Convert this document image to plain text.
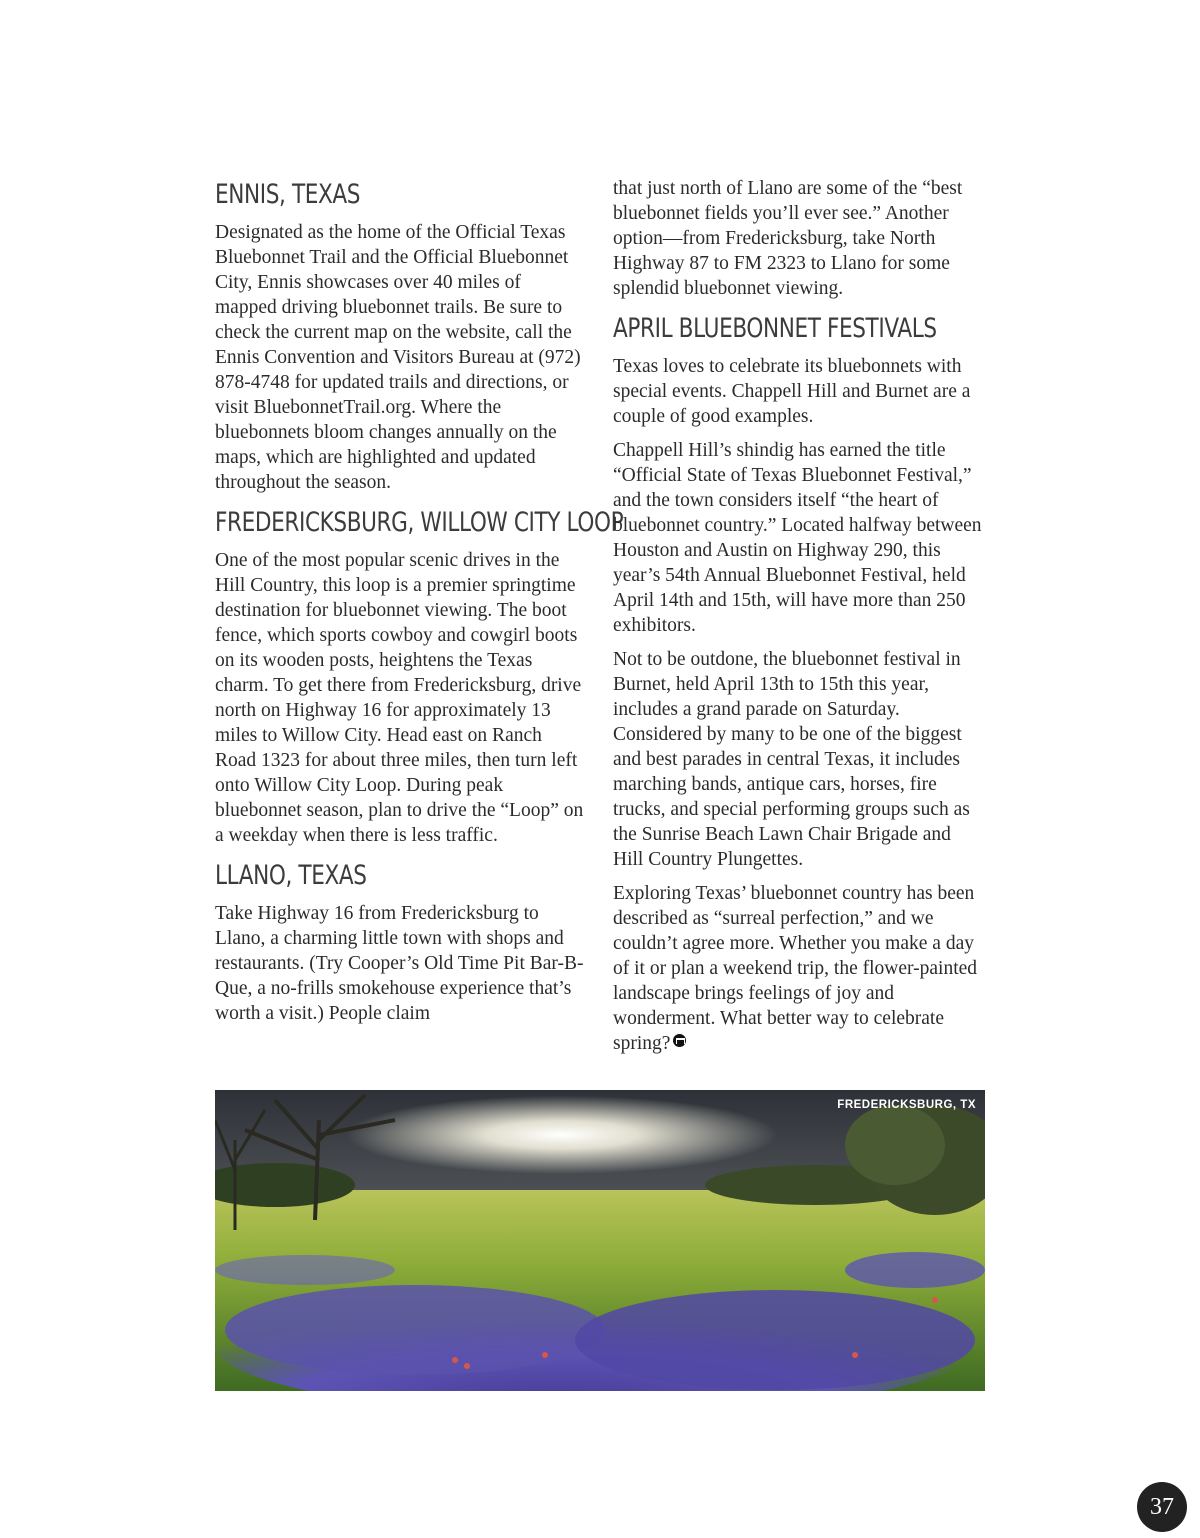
ENNIS, TEXAS

Designated as the home of the Official Texas Bluebonnet Trail and the Official Bluebonnet City, Ennis showcases over 40 miles of mapped driving bluebonnet trails. Be sure to check the current map on the website, call the Ennis Convention and Visitors Bureau at (972) 878-4748 for updated trails and directions, or visit BluebonnetTrail.org. Where the bluebonnets bloom changes annually on the maps, which are highlighted and updated throughout the season.

FREDERICKSBURG, WILLOW CITY LOOP

One of the most popular scenic drives in the Hill Country, this loop is a premier springtime destination for bluebonnet viewing. The boot fence, which sports cowboy and cowgirl boots on its wooden posts, heightens the Texas charm. To get there from Fredericksburg, drive north on Highway 16 for approximately 13 miles to Willow City. Head east on Ranch Road 1323 for about three miles, then turn left onto Willow City Loop. During peak bluebonnet season, plan to drive the “Loop” on a weekday when there is less traffic.

LLANO, TEXAS

Take Highway 16 from Fredericksburg to Llano, a charming little town with shops and restaurants. (Try Cooper’s Old Time Pit Bar-B-Que, a no-frills smokehouse experience that’s worth a visit.) People claim

that just north of Llano are some of the “best bluebonnet fields you’ll ever see.” Another option—from Fredericksburg, take North Highway 87 to FM 2323 to Llano for some splendid bluebonnet viewing.

APRIL BLUEBONNET FESTIVALS

Texas loves to celebrate its bluebonnets with special events. Chappell Hill and Burnet are a couple of good examples.

Chappell Hill’s shindig has earned the title “Official State of Texas Bluebonnet Festival,” and the town considers itself “the heart of bluebonnet country.” Located halfway between Houston and Austin on Highway 290, this year’s 54th Annual Bluebonnet Festival, held April 14th and 15th, will have more than 250 exhibitors.

Not to be outdone, the bluebonnet festival in Burnet, held April 13th to 15th this year, includes a grand parade on Saturday. Considered by many to be one of the biggest and best parades in central Texas, it includes marching bands, antique cars, horses, fire trucks, and special performing groups such as the Sunrise Beach Lawn Chair Brigade and Hill Country Plungettes.

Exploring Texas’ bluebonnet country has been described as “surreal perfection,” and we couldn’t agree more. Whether you make a day of it or plan a weekend trip, the flower-painted landscape brings feelings of joy and wonderment. What better way to celebrate spring?

FREDERICKSBURG, TX
37
